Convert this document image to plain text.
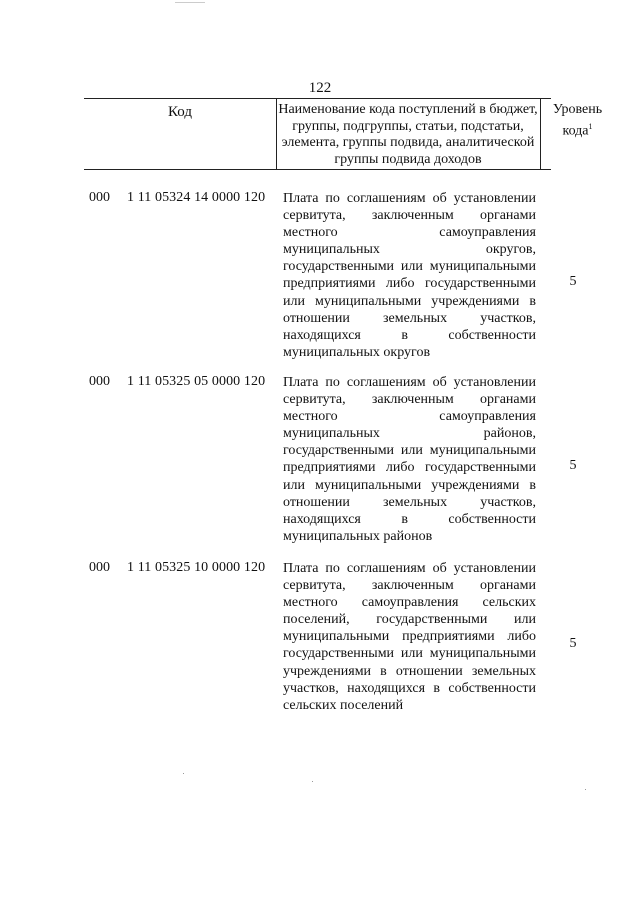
122
Код	Наименование кода поступлений в бюджет, группы, подгруппы, статьи, подстатьи, элемента, группы подвида, аналитической группы подвида доходов
Уровень кода$^1$
000 1 11 05324 14 0000 120 Плата по соглашениям об установлении сервитута, заключенным органами местного самоуправления муниципальных округов, государственными или муниципальными предприятиями либо государственными или муниципальными учреждениями в отношении земельных участков, находящихся в собственности муниципальных округов
5
000 1 11 05325 05 0000 120 Плата по соглашениям об установлении сервитута, заключенным органами местного самоуправления муниципальных районов, государственными или муниципальными предприятиями либо государственными или муниципальными учреждениями в отношении земельных участков, находящихся в собственности муниципальных районов
5
000 1 11 05325 10 0000 120 Плата по соглашениям об установлении сервитута, заключенным органами местного самоуправления сельских поселений, государственными или муниципальными предприятиями либо государственными или муниципальными учреждениями в отношении земельных участков, находящихся в собственности сельских поселений
5
